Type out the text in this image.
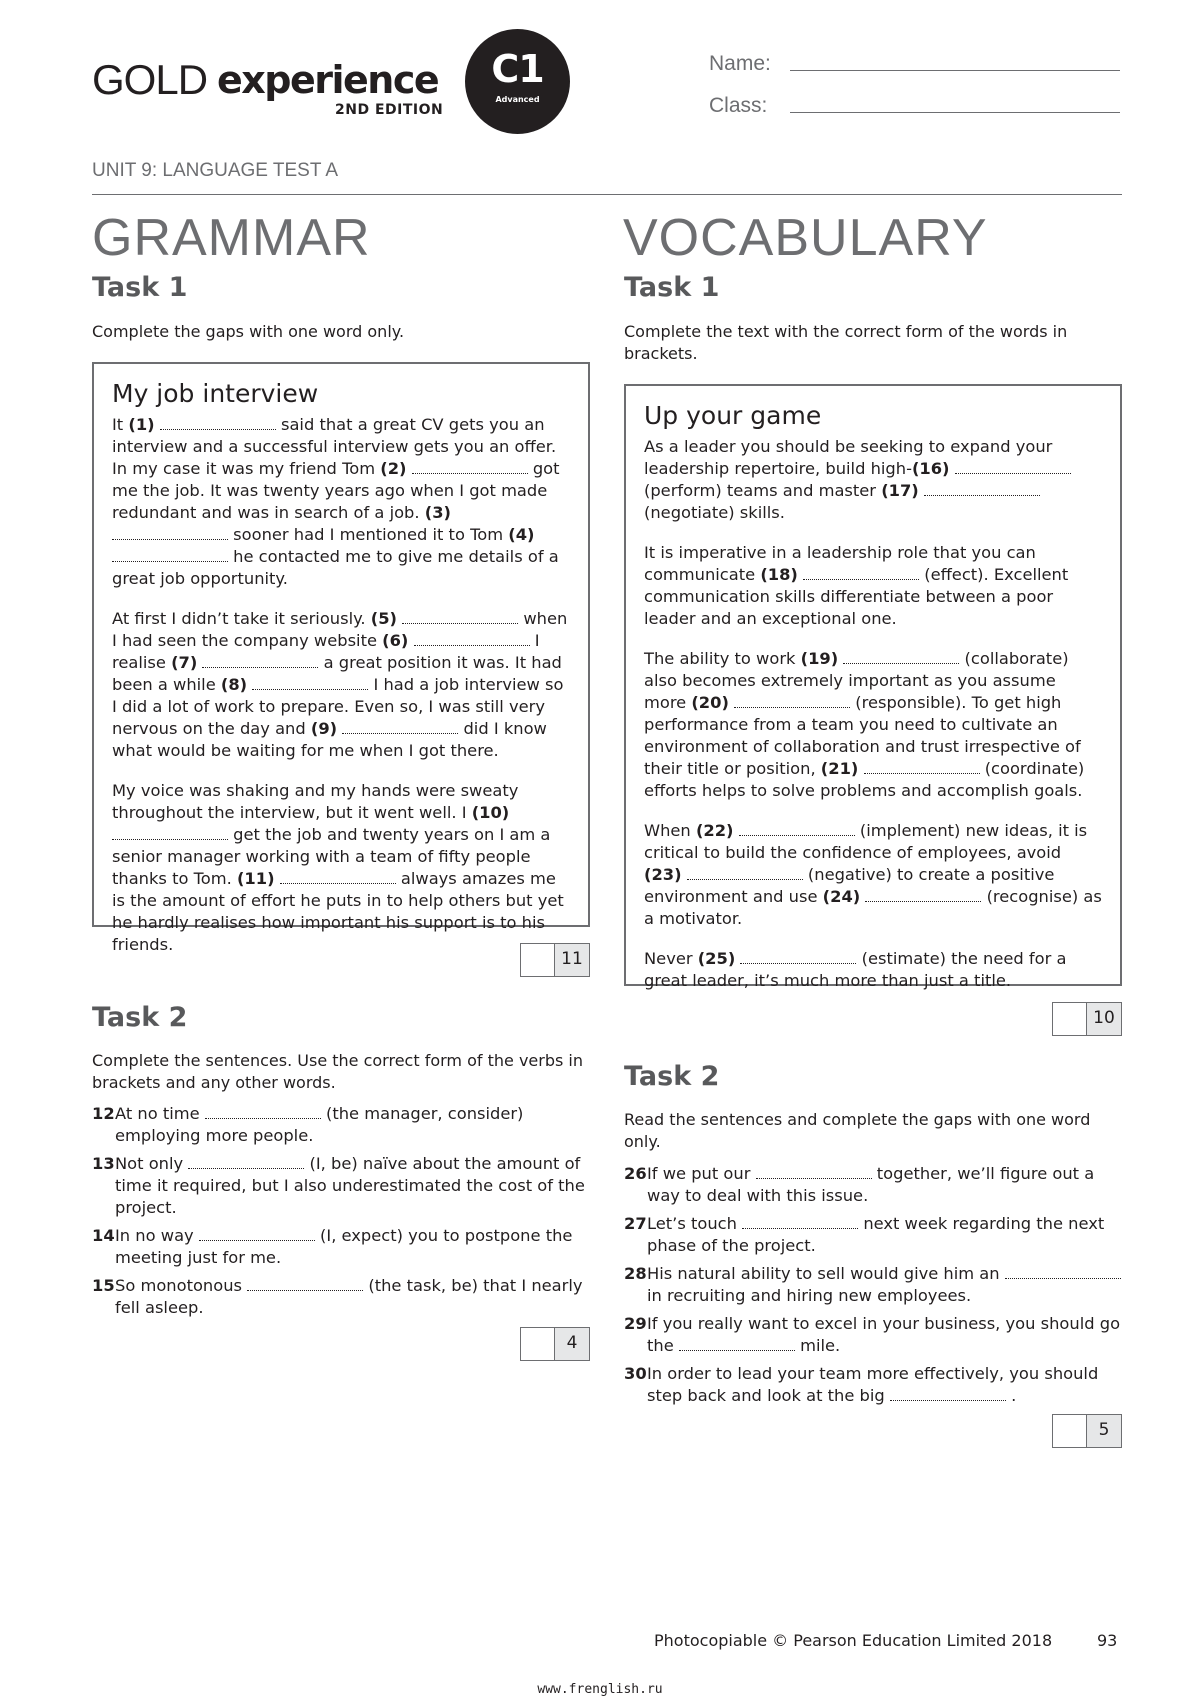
GOLD experience
2ND EDITION
C1
Advanced
Name:
Class:
UNIT 9: LANGUAGE TEST A
GRAMMAR
Task 1
Complete the gaps with one word only.
My job interview

It (1)	said that a great CV gets you an interview and a successful interview gets you an offer. In my case it was my friend Tom (2)	got me the job. It was twenty years ago when I got made redundant and was in search of a job. (3)  sooner had I mentioned it to Tom (4)  he contacted me to give me details of a great job opportunity.

At first I didn’t take it seriously. (5)	when I had seen the company website (6)	I realise (7)	a great position it was. It had been a while (8)	I had a job interview so I did a lot of work to prepare. Even so, I was still very nervous on the day and (9)	did I know what would be waiting for me when I got there.

My voice was shaking and my hands were sweaty throughout the interview, but it went well. I (10)  get the job and twenty years on I am a senior manager working with a team of fifty people thanks to Tom. (11)	always amazes me is the amount of effort he puts in to help others but yet he hardly realises how important his support is to his friends.

11
Task 2
Complete the sentences. Use the correct form of the verbs in brackets and any other words.
12 At no time	(the manager, consider) employing more people.
13 Not only	(I, be) naïve about the amount of time it required, but I also underestimated the cost of the project.
14 In no way	(I, expect) you to postpone the meeting just for me.
15 So monotonous	(the task, be) that I nearly fell asleep.
4
VOCABULARY
Task 1
Complete the text with the correct form of the words in brackets.
Up your game

As a leader you should be seeking to expand your leadership repertoire, build high-(16)  (perform) teams and master (17)  (negotiate) skills.

It is imperative in a leadership role that you can communicate (18)	(effect). Excellent communication skills differentiate between a poor leader and an exceptional one.

The ability to work (19)	(collaborate) also becomes extremely important as you assume more (20)	(responsible). To get high performance from a team you need to cultivate an environment of collaboration and trust irrespective of their title or position, (21)	(coordinate) efforts helps to solve problems and accomplish goals.

When (22)	(implement) new ideas, it is critical to build the confidence of employees, avoid (23)	(negative) to create a positive environment and use (24)	(recognise) as a motivator.

Never (25)	(estimate) the need for a great leader, it’s much more than just a title.

10
Task 2
Read the sentences and complete the gaps with one word only.
26 If we put our	together, we’ll figure out a way to deal with this issue.
27 Let’s touch	next week regarding the next phase of the project.
28 His natural ability to sell would give him an  in recruiting and hiring new employees.
29 If you really want to excel in your business, you should go the	mile.
30 In order to lead your team more effectively, you should step back and look at the big	.
5
Photocopiable © Pearson Education Limited 2018	93
www.frenglish.ru
